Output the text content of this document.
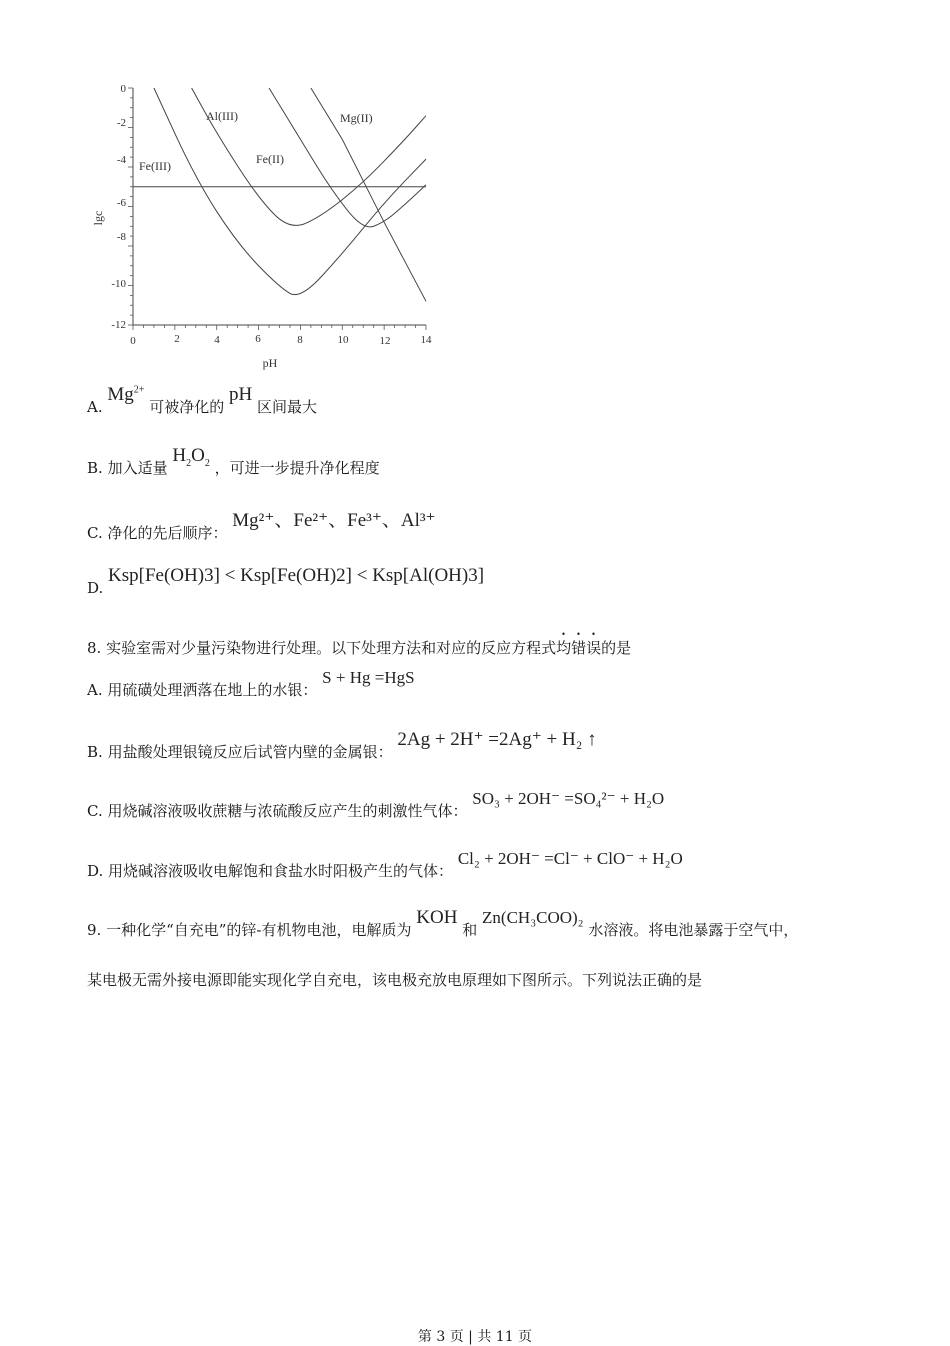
lgc
pH
0
-2
-4
-6
-8
-10
-12
0	2	4	6	8	10	12	14
Al(III)	Mg(II)
Fe(III)	Fe(II)
A. $Mg^{2+}$ 可被净化的 pH 区间最大
B. 加入适量 $H_2O_2$ ，可进一步提升净化程度
C. 净化的先后顺序： Mg²⁺、Fe²⁺、Fe³⁺、Al³⁺
D. Ksp[Fe(OH)3] < Ksp[Fe(OH)2] < Ksp[Al(OH)3]
8. 实验室需对少量污染物进行处理。以下处理方法和对应的反应方程式均错误的是
A. 用硫磺处理洒落在地上的水银： S + Hg =HgS
B. 用盐酸处理银镜反应后试管内壁的金属银： 2Ag + 2H⁺ =2Ag⁺ + H₂ ↑
C. 用烧碱溶液吸收蔗糖与浓硫酸反应产生的刺激性气体： SO₃ + 2OH⁻ =SO₄²⁻ + H₂O
D. 用烧碱溶液吸收电解饱和食盐水时阳极产生的气体： Cl₂ + 2OH⁻ =Cl⁻ + ClO⁻ + H₂O
9. 一种化学“自充电”的锌-有机物电池，电解质为 KOH 和 Zn(CH₃COO)₂ 水溶液。将电池暴露于空气中，
某电极无需外接电源即能实现化学自充电，该电极充放电原理如下图所示。下列说法正确的是
第 3 页 | 共 11 页
